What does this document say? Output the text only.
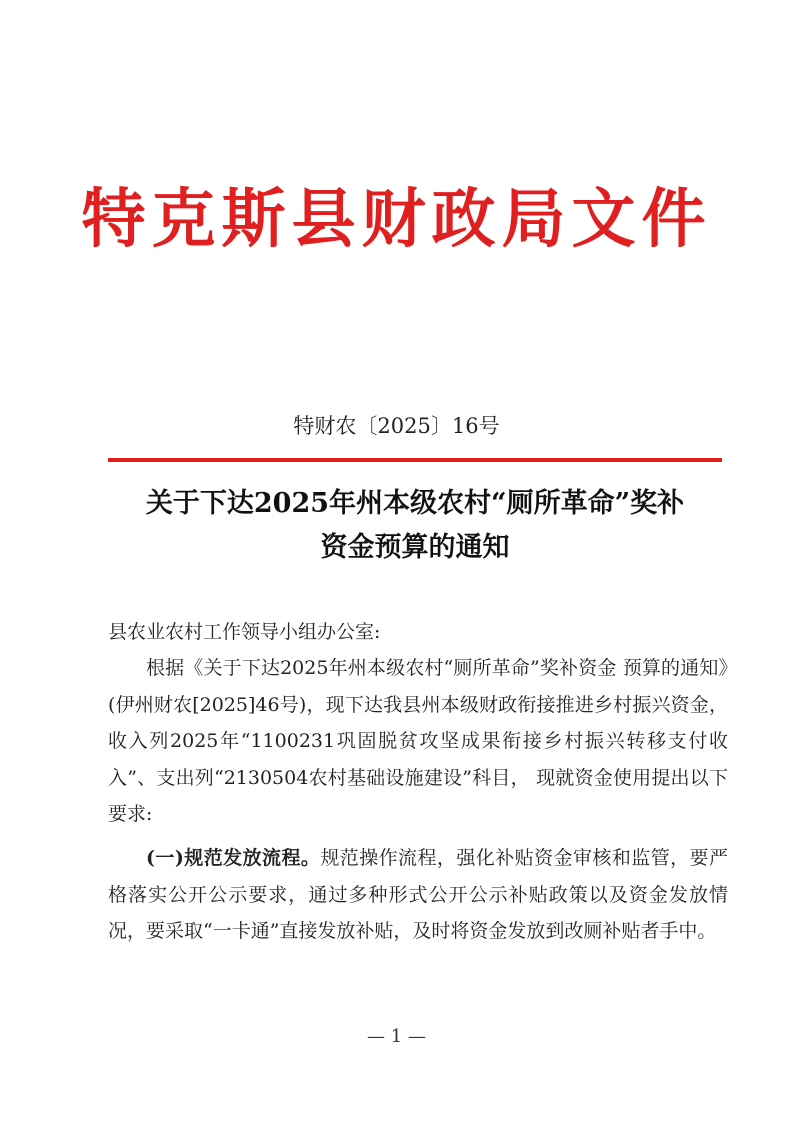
特克斯县财政局文件
特财农〔2025〕16号
关于下达2025年州本级农村“厕所革命”奖补
资金预算的通知
县农业农村工作领导小组办公室:
根据《关于下达2025年州本级农村“厕所革命”奖补资金 预算的通知》(伊州财农[2025]46号)，现下达我县州本级财政衔接推进乡村振兴资金，收入列2025年“1100231巩固脱贫攻坚成果衔接乡村振兴转移支付收入”、支出列“2130504农村基础设施建设”科目， 现就资金使用提出以下要求:
(一)规范发放流程。规范操作流程，强化补贴资金审核和监管，要严格落实公开公示要求，通过多种形式公开公示补贴政策以及资金发放情况，要采取“一卡通”直接发放补贴，及时将资金发放到改厕补贴者手中。
— 1 —
